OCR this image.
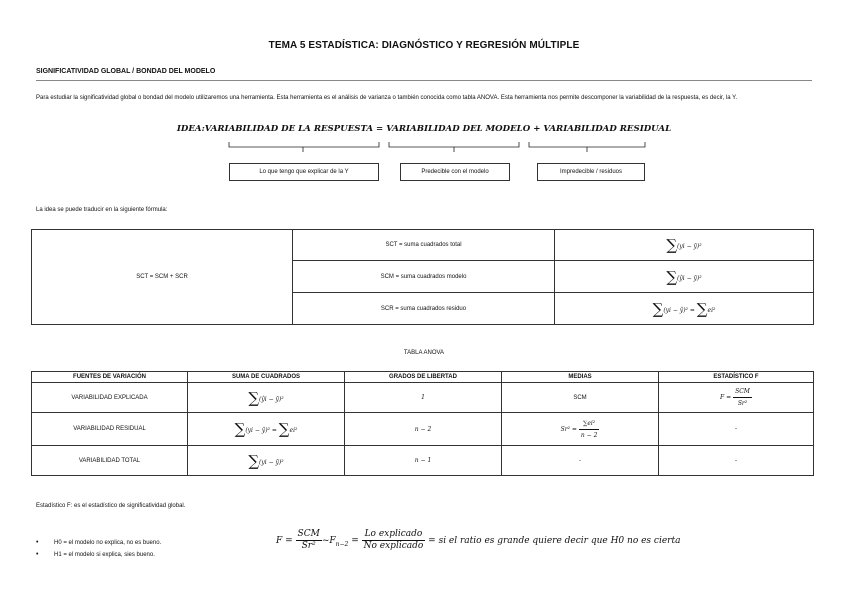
TEMA 5 ESTADÍSTICA: DIAGNÓSTICO Y REGRESIÓN MÚLTIPLE
SIGNIFICATIVIDAD GLOBAL / BONDAD DEL MODELO
Para estudiar la significatividad global o bondad del modelo utilizaremos una herramienta. Esta herramienta es el análisis de varianza o también conocida como tabla ANOVA. Esta herramienta nos permite descomponer la variabilidad de la respuesta, es decir, la Y.
IDEA:VARIABILIDAD DE LA RESPUESTA = VARIABILIDAD DEL MODELO + VARIABILIDAD RESIDUAL
Lo que tengo que explicar de la Y	Predecible con el modelo	Impredecible / residuos
La idea se puede traducir en la siguiente fórmula:
SCT = SCM + SCR	SCT = suma cuadrados total	∑(yi − ȳ)²
	SCM = suma cuadrados modelo	∑(ŷi − ȳ)²
	SCR = suma cuadrados residuo	∑(yi − ŷ)² = ∑ei²
TABLA ANOVA
FUENTES DE VARIACIÓN	SUMA DE CUADRADOS	GRADOS DE LIBERTAD	MEDIAS	ESTADÍSTICO F
VARIABILIDAD EXPLICADA	∑(ŷi − ȳ)²	1	SCM	$F = \frac{\text{SCM}}{\text{Sr²}}$

VARIABILIDAD RESIDUAL	∑(yi − ŷ)² = ∑ei²	n − 2	$Sr^2 = \frac{\text{∑ei²}}{n - 2}$	-
VARIABILIDAD TOTAL	∑(yi − ȳ)²	n − 1	-	-
Estadístico F: es el estadístico de significatividad global.
• H0 = el modelo no explica, no es bueno.
• H1 = el modelo si explica, sies bueno.
$F = \frac{\text{SCM}}{\text{Sr²}}$ $\sim F_{n-2} = \frac{\text{Lo explicado}}{\text{No explicado}}$ = si el ratio es grande quiere decir que H0 no es cierta
